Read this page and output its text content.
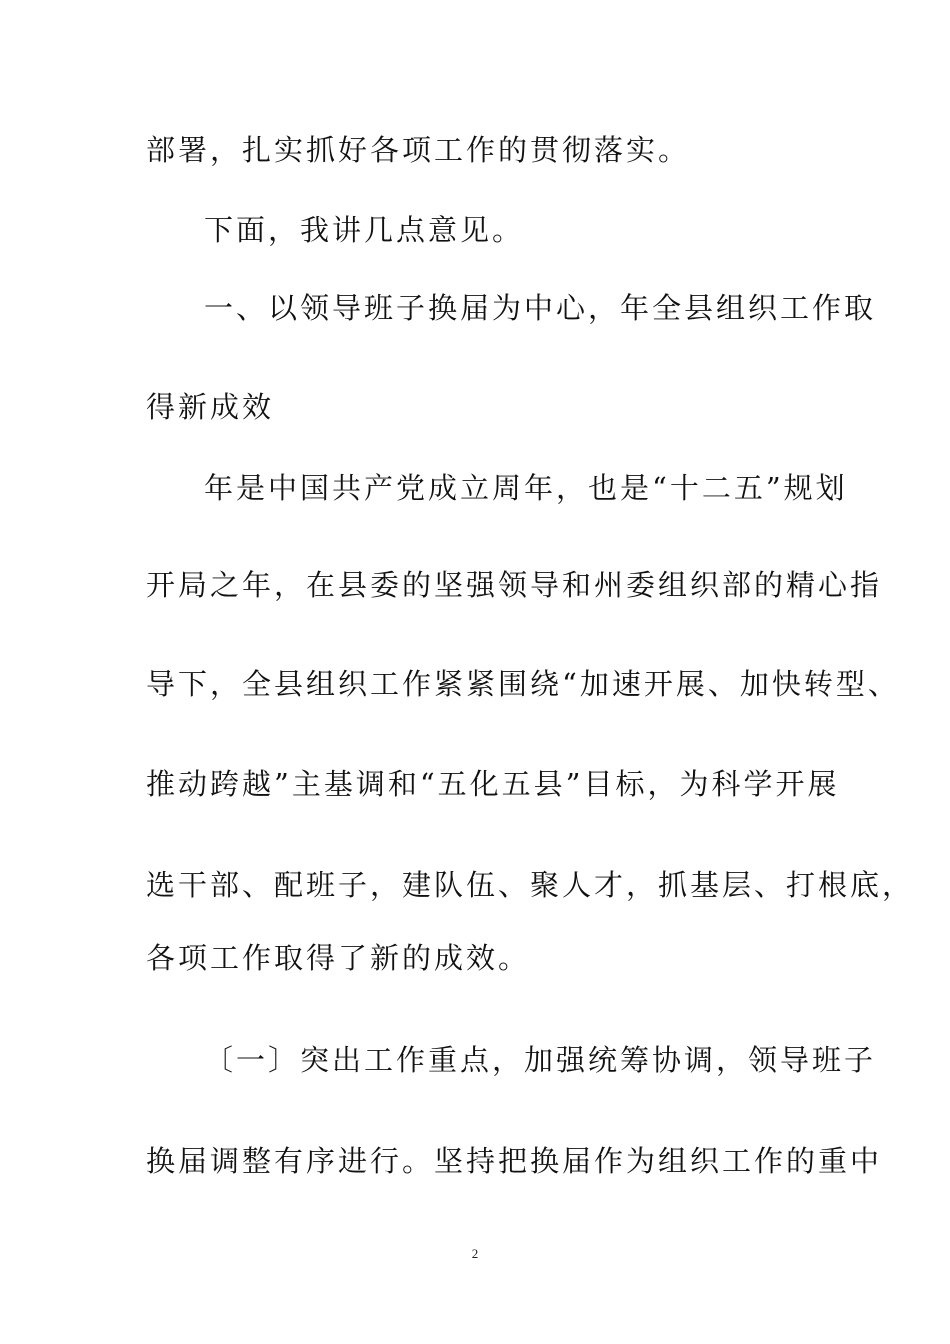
部署，扎实抓好各项工作的贯彻落实。
下面，我讲几点意见。
一、以领导班子换届为中心，年全县组织工作取
得新成效
年是中国共产党成立周年，也是“十二五”规划
开局之年，在县委的坚强领导和州委组织部的精心指
导下，全县组织工作紧紧围绕“加速开展、加快转型、
推动跨越”主基调和“五化五县”目标，为科学开展
选干部、配班子，建队伍、聚人才，抓基层、打根底，
各项工作取得了新的成效。
〔一〕突出工作重点，加强统筹协调，领导班子
换届调整有序进行。坚持把换届作为组织工作的重中
2
